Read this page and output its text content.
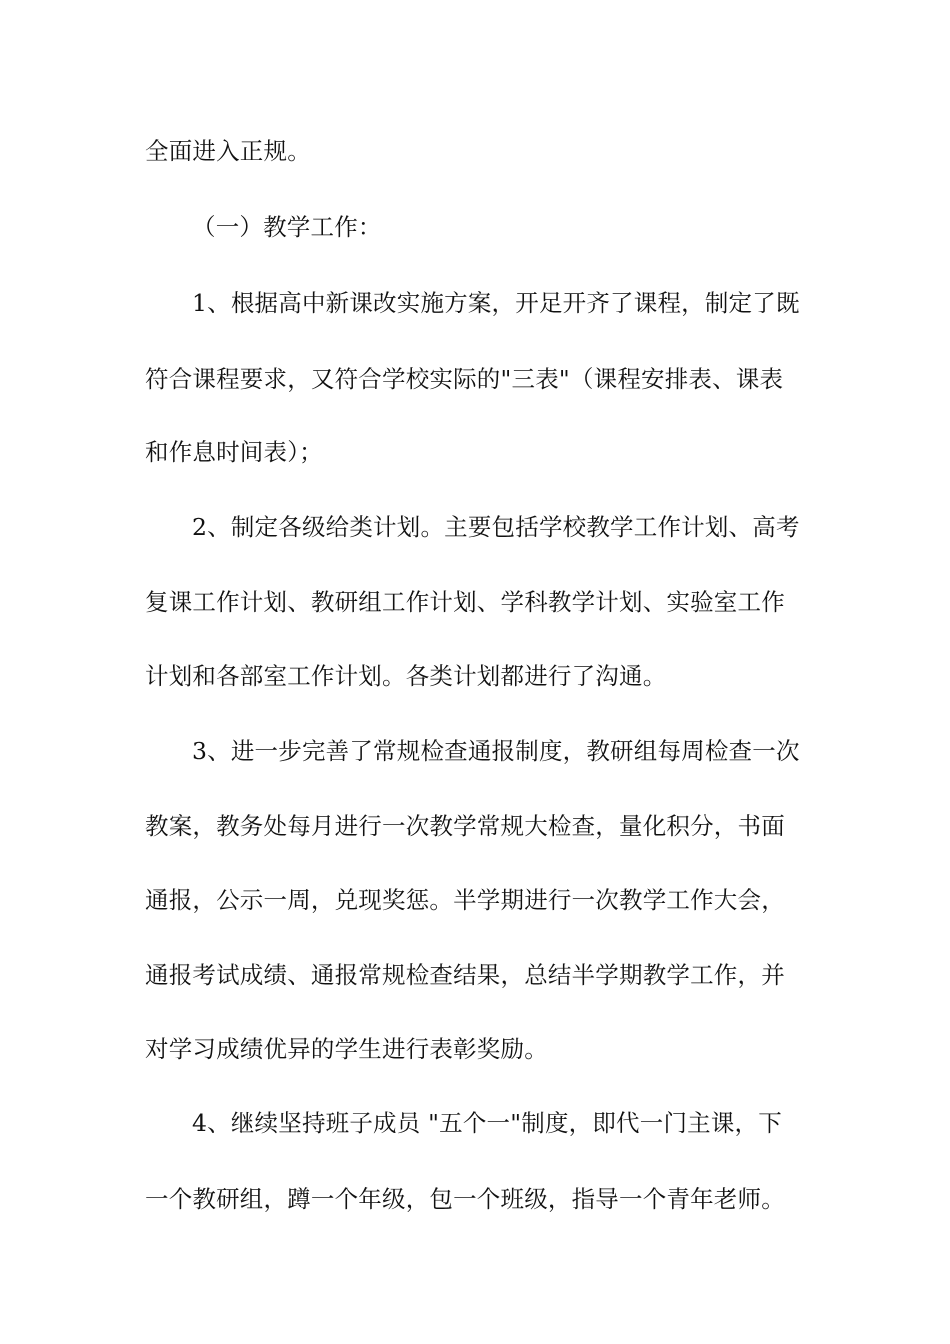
全面进入正规。
（一）教学工作：
1、根据高中新课改实施方案，开足开齐了课程，制定了既
符合课程要求，又符合学校实际的"三表"（课程安排表、课表
和作息时间表）；
2、制定各级给类计划。主要包括学校教学工作计划、高考
复课工作计划、教研组工作计划、学科教学计划、实验室工作
计划和各部室工作计划。各类计划都进行了沟通。
3、进一步完善了常规检查通报制度，教研组每周检查一次
教案，教务处每月进行一次教学常规大检查，量化积分，书面
通报，公示一周，兑现奖惩。半学期进行一次教学工作大会，
通报考试成绩、通报常规检查结果，总结半学期教学工作，并
对学习成绩优异的学生进行表彰奖励。
4、继续坚持班子成员 "五个一"制度，即代一门主课，下
一个教研组，蹲一个年级，包一个班级，指导一个青年老师。
